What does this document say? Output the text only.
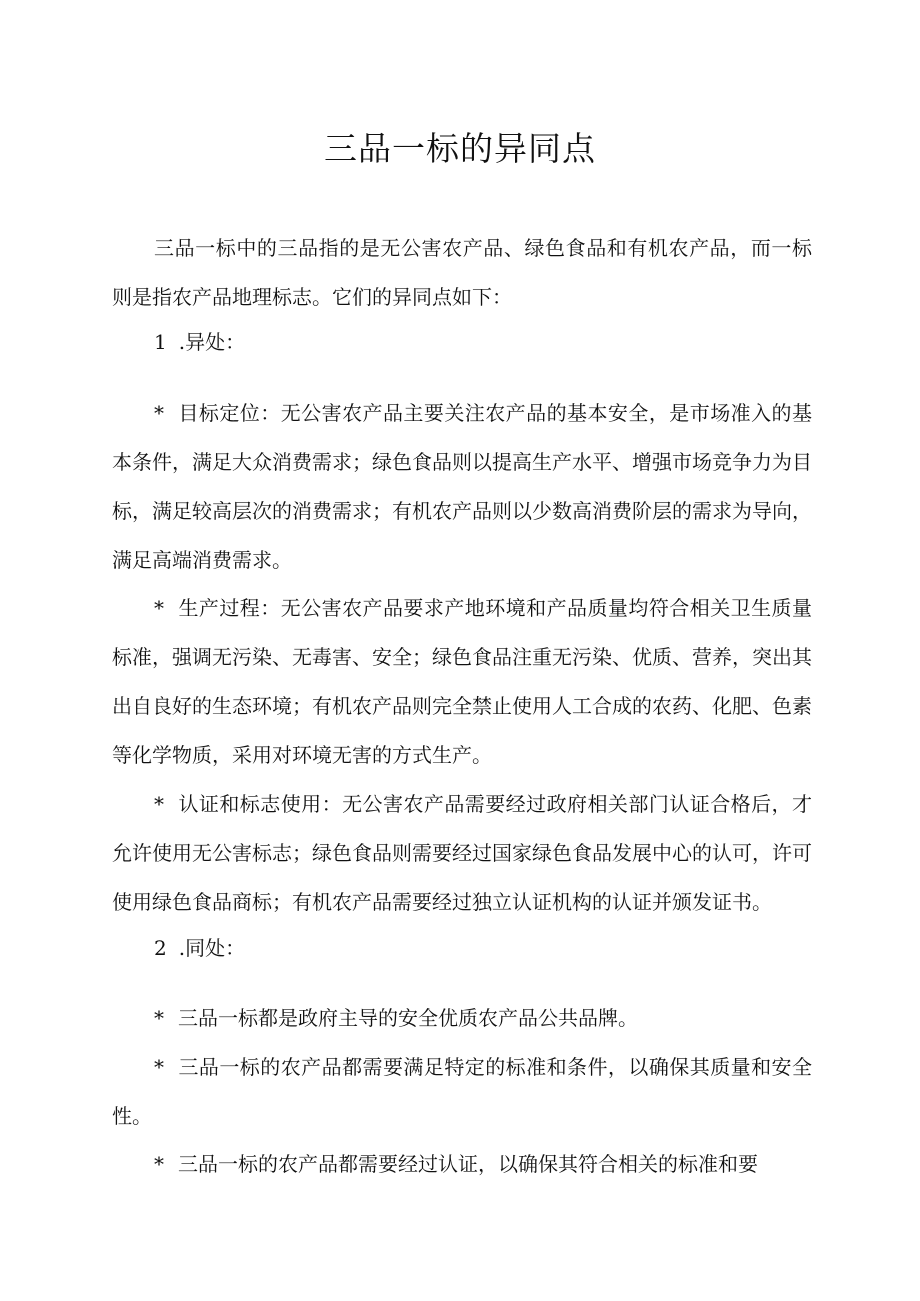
三品一标的异同点

三品一标中的三品指的是无公害农产品、绿色食品和有机农产品，而一标则是指农产品地理标志。它们的异同点如下：

1 .异处：

* 目标定位：无公害农产品主要关注农产品的基本安全，是市场准入的基本条件，满足大众消费需求；绿色食品则以提高生产水平、增强市场竞争力为目标，满足较高层次的消费需求；有机农产品则以少数高消费阶层的需求为导向，满足高端消费需求。

* 生产过程：无公害农产品要求产地环境和产品质量均符合相关卫生质量标准，强调无污染、无毒害、安全；绿色食品注重无污染、优质、营养，突出其出自良好的生态环境；有机农产品则完全禁止使用人工合成的农药、化肥、色素等化学物质，采用对环境无害的方式生产。

* 认证和标志使用：无公害农产品需要经过政府相关部门认证合格后，才允许使用无公害标志；绿色食品则需要经过国家绿色食品发展中心的认可，许可使用绿色食品商标；有机农产品需要经过独立认证机构的认证并颁发证书。

2 .同处：

* 三品一标都是政府主导的安全优质农产品公共品牌。

* 三品一标的农产品都需要满足特定的标准和条件，以确保其质量和安全性。

* 三品一标的农产品都需要经过认证，以确保其符合相关的标准和要
